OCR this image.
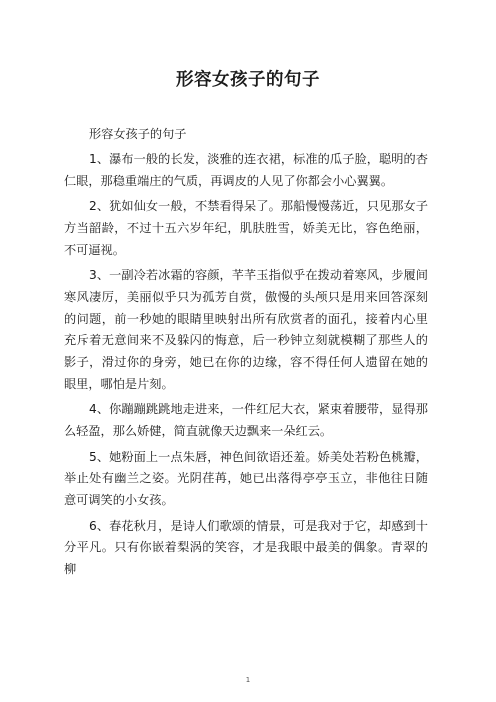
形容女孩子的句子

形容女孩子的句子

1、瀑布一般的长发，淡雅的连衣裙，标准的瓜子脸，聪明的杏仁眼，那稳重端庄的气质，再调皮的人见了你都会小心翼翼。

2、犹如仙女一般，不禁看得呆了。那船慢慢荡近，只见那女子方当韶龄，不过十五六岁年纪，肌肤胜雪，娇美无比，容色绝丽，不可逼视。

3、一副冷若冰霜的容颜，芊芊玉指似乎在拨动着寒风，步履间寒风凄厉，美丽似乎只为孤芳自赏，傲慢的头颅只是用来回答深刻的问题，前一秒她的眼睛里映射出所有欣赏者的面孔，接着内心里充斥着无意间来不及躲闪的悔意，后一秒钟立刻就模糊了那些人的影子，滑过你的身旁，她已在你的边缘，容不得任何人遗留在她的眼里，哪怕是片刻。

4、你蹦蹦跳跳地走进来，一件红尼大衣，紧束着腰带，显得那么轻盈，那么娇健，简直就像天边飘来一朵红云。

5、她粉面上一点朱唇，神色间欲语还羞。娇美处若粉色桃瓣，举止处有幽兰之姿。光阴荏苒，她已出落得亭亭玉立，非他往日随意可调笑的小女孩。

6、春花秋月，是诗人们歌颂的情景，可是我对于它，却感到十分平凡。只有你嵌着梨涡的笑容，才是我眼中最美的偶象。青翠的柳

1
